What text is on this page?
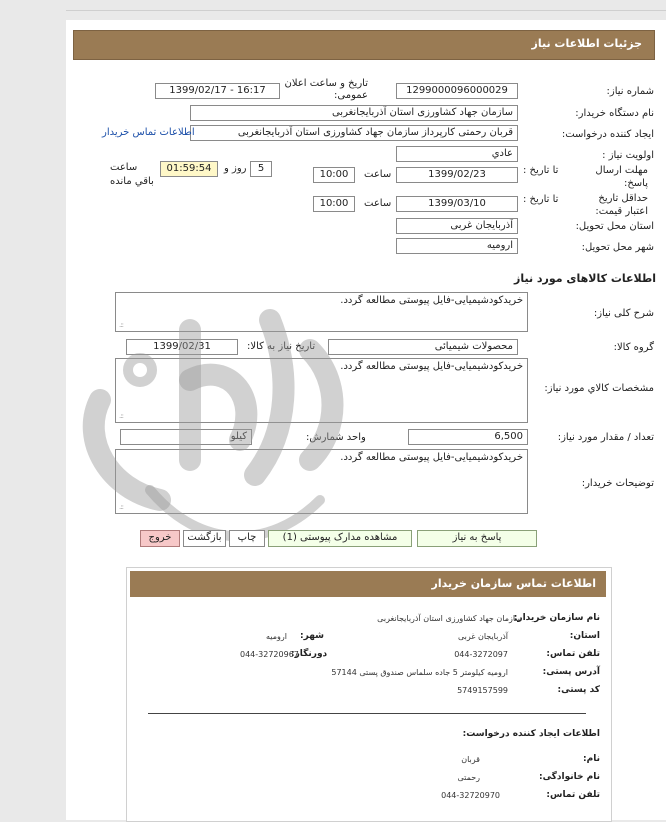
جزئیات اطلاعات نیاز
شماره نیاز:
1299000096000029
تاریخ و ساعت اعلان عمومی:
1399/02/17 - 16:17
نام دستگاه خریدار:
سازمان جهاد کشاورزی استان آذربایجانغربی
ایجاد کننده درخواست:
قربان رحمتی کارپرداز سازمان جهاد کشاورزی استان آذربایجانغربی
اطلاعات تماس خریدار
اولویت نیاز :
عادي
مهلت ارسال پاسخ:
تا تاریخ :
1399/02/23
ساعت
10:00
5
روز و
01:59:54
ساعت باقي مانده
حداقل تاریخ اعتبار قیمت:
تا تاریخ :
1399/03/10
ساعت
10:00
استان محل تحویل:
آذربایجان غربی
شهر محل تحویل:
ارومیه
اطلاعات کالاهای مورد نیاز
شرح کلی نیاز:
خریدکودشیمیایی-فایل پیوستی مطالعه گردد.
::.
گروه کالا:
محصولات شیمیائی
تاریخ نیاز به کالا:
1399/02/31
مشخصات کالاي مورد نیاز:
خریدکودشیمیایی-فایل پیوستی مطالعه گردد.
::.
تعداد / مقدار مورد نیاز:
6,500
واحد شمارش:
کیلو
توضیحات خریدار:
خریدکودشیمیایی-فایل پیوستی مطالعه گردد.
::.
پاسخ به نیاز
مشاهده مدارک پیوستی (1)
چاپ
بازگشت
خروج
اطلاعات تماس سازمان خریدار
نام سازمان خریدار:
سازمان جهاد کشاورزی استان آذربایجانغربی
استان:
آذربایجان غربی
شهر:
ارومیه
تلفن تماس:
044-3272097
دورنگار:
044-32720967
آدرس پستی:
ارومیه کیلومتر 5 جاده سلماس صندوق پستی 57144
کد پستی:
5749157599
اطلاعات ایجاد کننده درخواست:
نام:
قربان
نام خانوادگی:
رحمتی
تلفن تماس:
044-32720970
